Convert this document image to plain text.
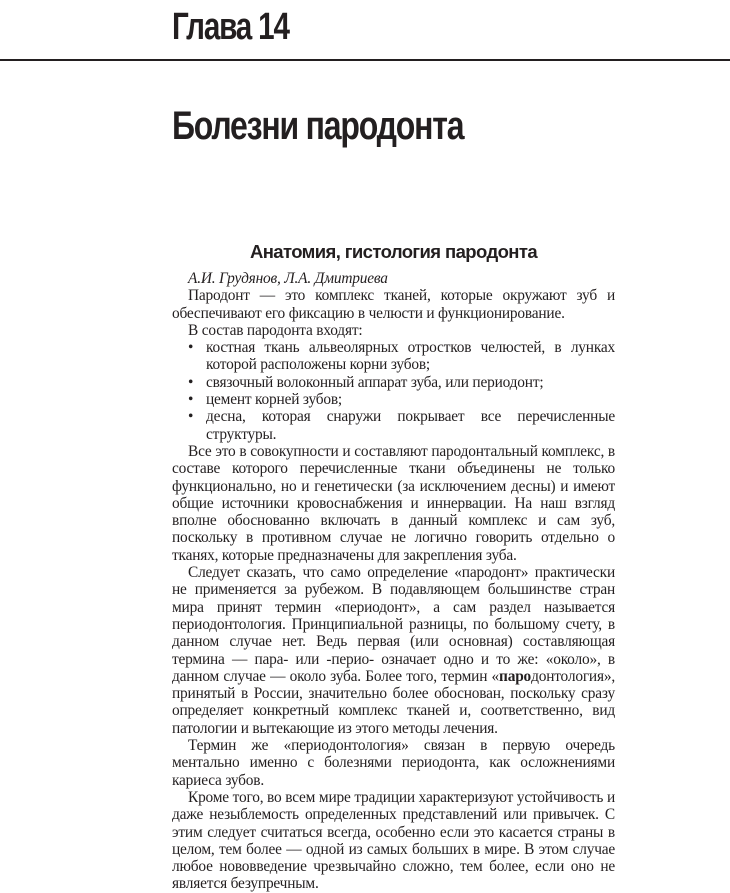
Глава 14
Болезни пародонта
Анатомия, гистология пародонта

А.И. Грудянов, Л.А. Дмитриева

Пародонт — это комплекс тканей, которые окружают зуб и обеспечивают его фиксацию в челюсти и функционирование.

В состав пародонта входят:

• костная ткань альвеолярных отростков челюстей, в лунках которой расположены корни зубов;
• связочный волоконный аппарат зуба, или периодонт;
• цемент корней зубов;
• десна, которая снаружи покрывает все перечисленные структуры.

Все это в совокупности и составляют пародонтальный комплекс, в составе которого перечисленные ткани объединены не только функционально, но и генетически (за исключением десны) и имеют общие источники кровоснабжения и иннервации. На наш взгляд вполне обоснованно включать в данный комплекс и сам зуб, поскольку в противном случае не логично говорить отдельно о тканях, которые предназначены для закрепления зуба.

Следует сказать, что само определение «пародонт» практически не применяется за рубежом. В подавляющем большинстве стран мира принят термин «периодонт», а сам раздел называется периодонтология. Принципиальной разницы, по большому счету, в данном случае нет. Ведь первая (или основная) составляющая термина — пара- или -перио- означает одно и то же: «около», в данном случае — около зуба. Более того, термин «пародонтология», принятый в России, значительно более обоснован, поскольку сразу определяет конкретный комплекс тканей и, соответственно, вид патологии и вытекающие из этого методы лечения.

Термин же «периодонтология» связан в первую очередь ментально именно с болезнями периодонта, как осложнениями кариеса зубов.

Кроме того, во всем мире традиции характеризуют устойчивость и даже незыблемость определенных представлений или привычек. С этим следует считаться всегда, особенно если это касается страны в целом, тем более — одной из самых больших в мире. В этом случае любое нововведение чрезвычайно сложно, тем более, если оно не является безупречным.
